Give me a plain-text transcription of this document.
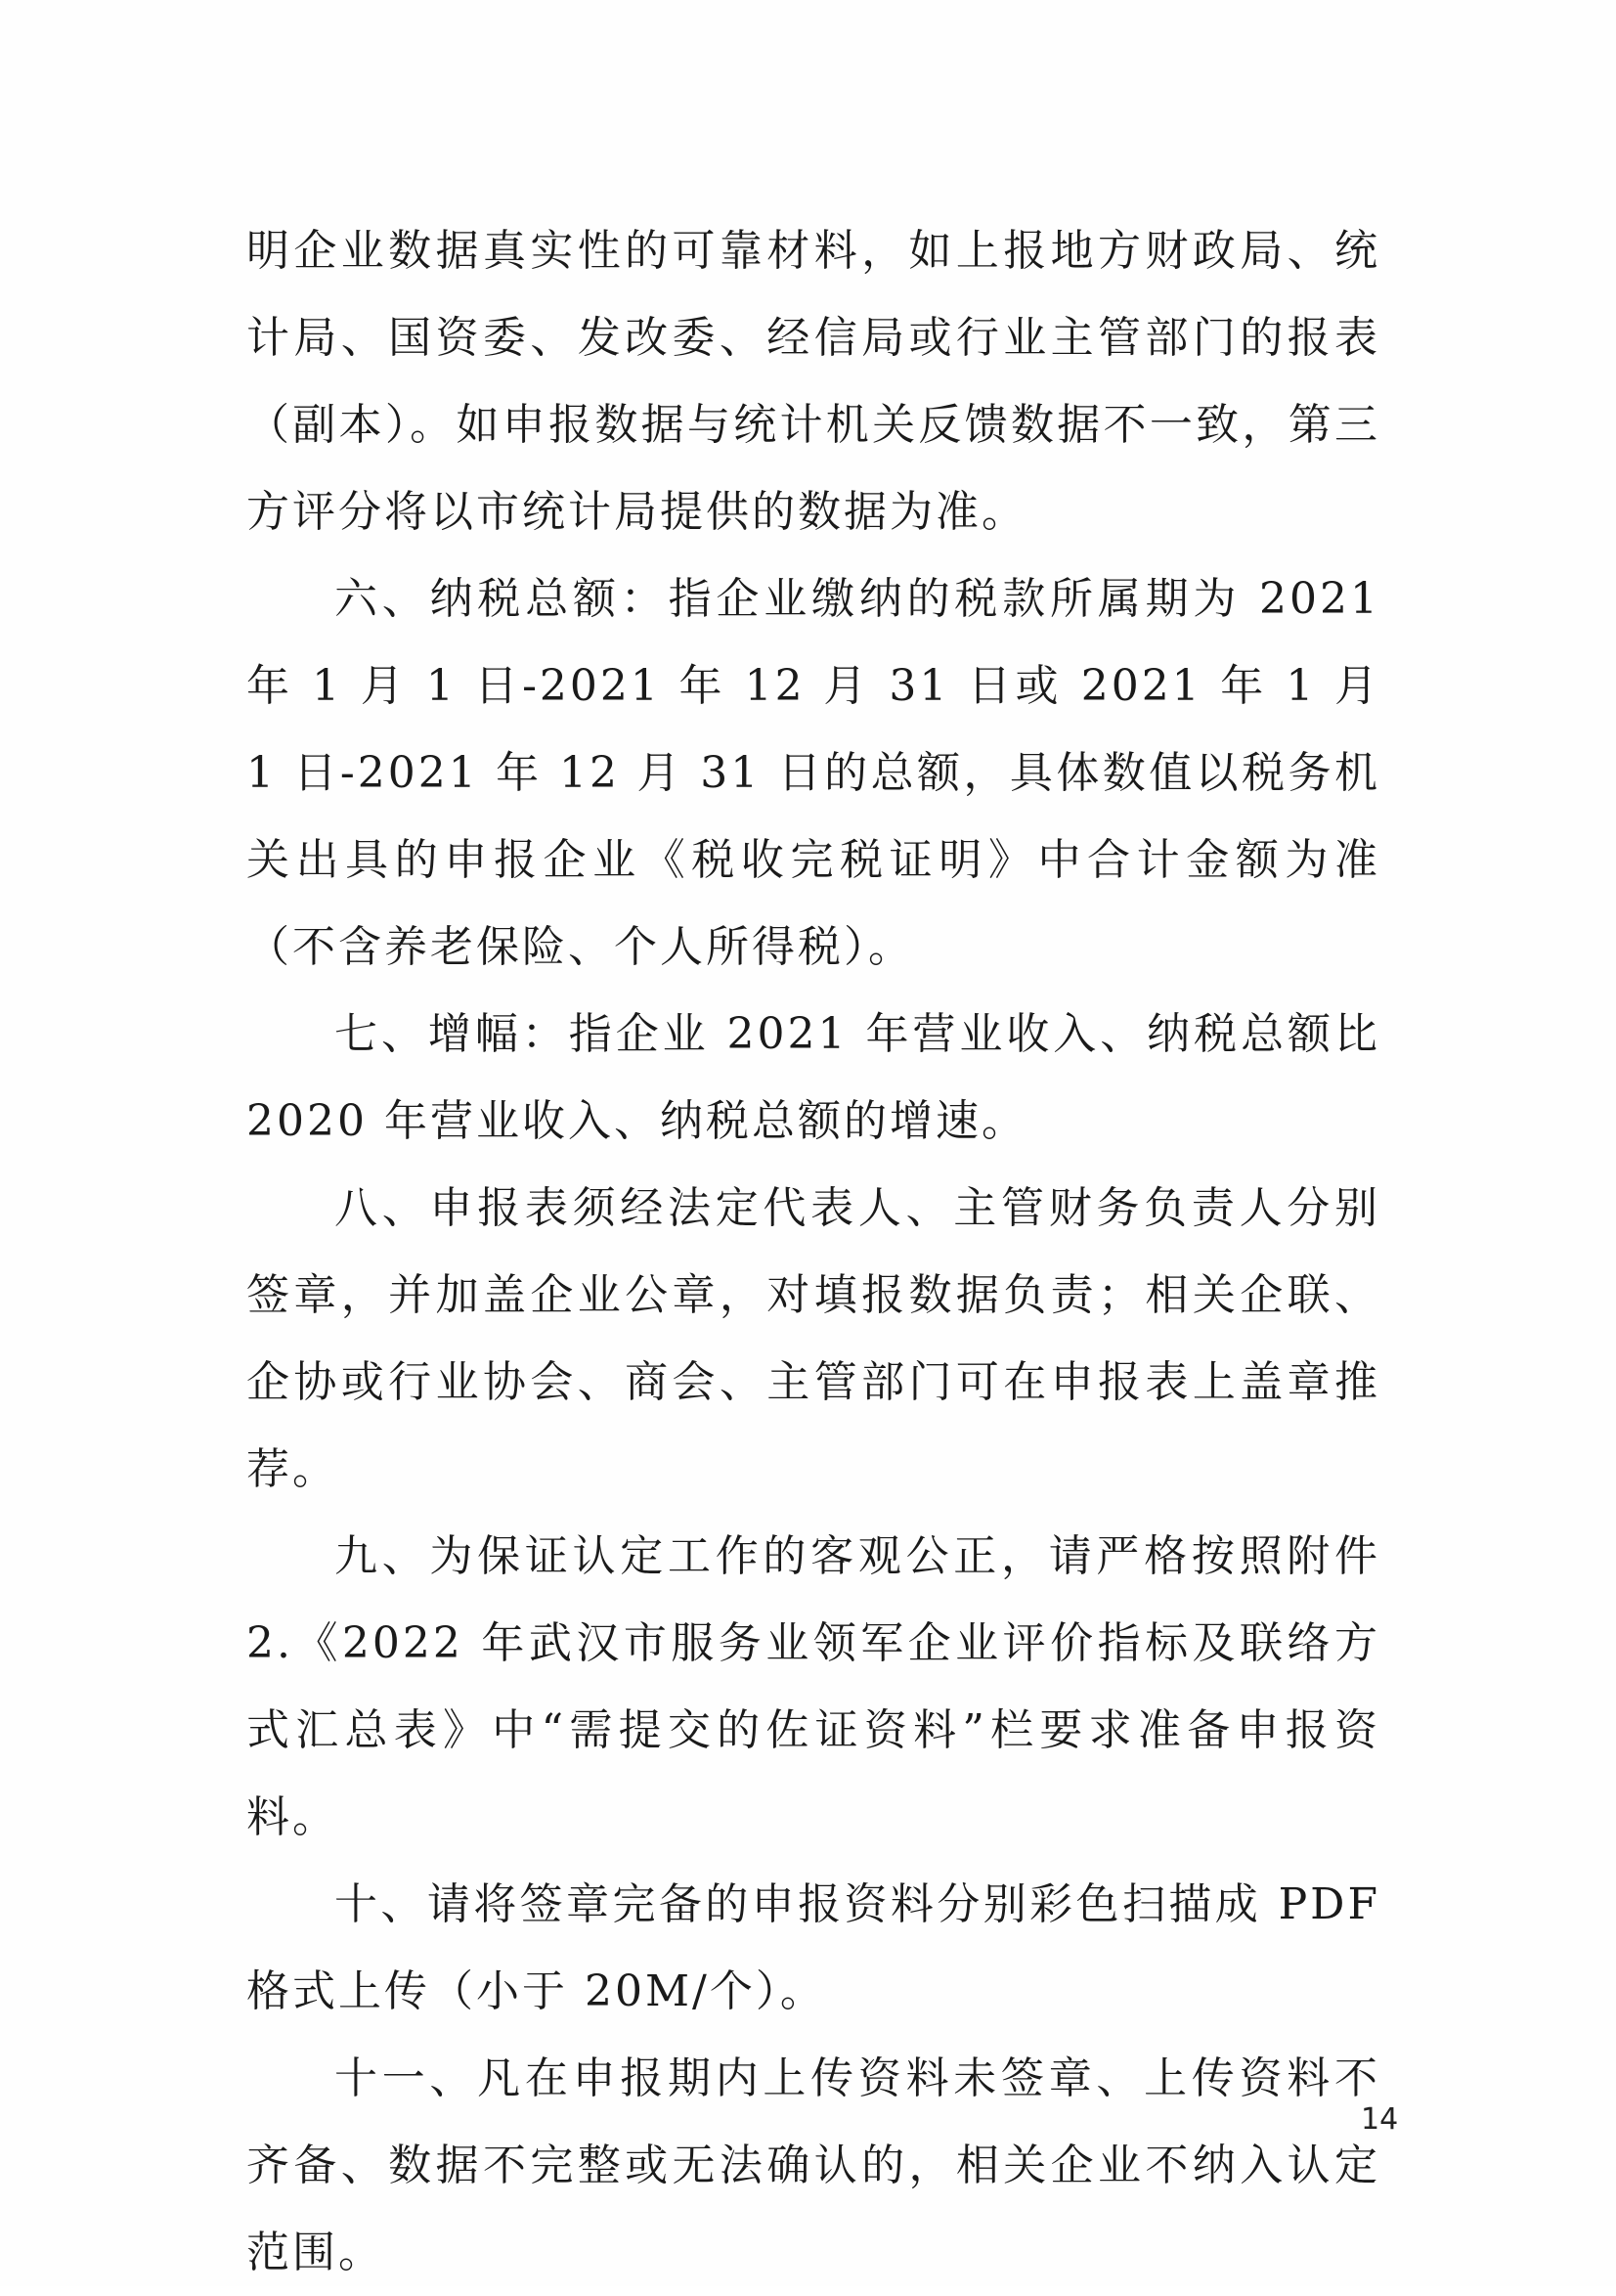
明企业数据真实性的可靠材料，如上报地方财政局、统计局、国资委、发改委、经信局或行业主管部门的报表（副本）。如申报数据与统计机关反馈数据不一致，第三方评分将以市统计局提供的数据为准。

六、纳税总额：指企业缴纳的税款所属期为 2021 年 1 月 1 日-2021 年 12 月 31 日或 2021 年 1 月 1 日-2021 年 12 月 31 日的总额，具体数值以税务机关出具的申报企业《税收完税证明》中合计金额为准（不含养老保险、个人所得税）。

七、增幅：指企业 2021 年营业收入、纳税总额比 2020 年营业收入、纳税总额的增速。

八、申报表须经法定代表人、主管财务负责人分别签章，并加盖企业公章，对填报数据负责；相关企联、企协或行业协会、商会、主管部门可在申报表上盖章推荐。

九、为保证认定工作的客观公正，请严格按照附件 2.《2022 年武汉市服务业领军企业评价指标及联络方式汇总表》中“需提交的佐证资料”栏要求准备申报资料。

十、请将签章完备的申报资料分别彩色扫描成 PDF 格式上传（小于 20M/个）。

十一、凡在申报期内上传资料未签章、上传资料不齐备、数据不完整或无法确认的，相关企业不纳入认定范围。

14
